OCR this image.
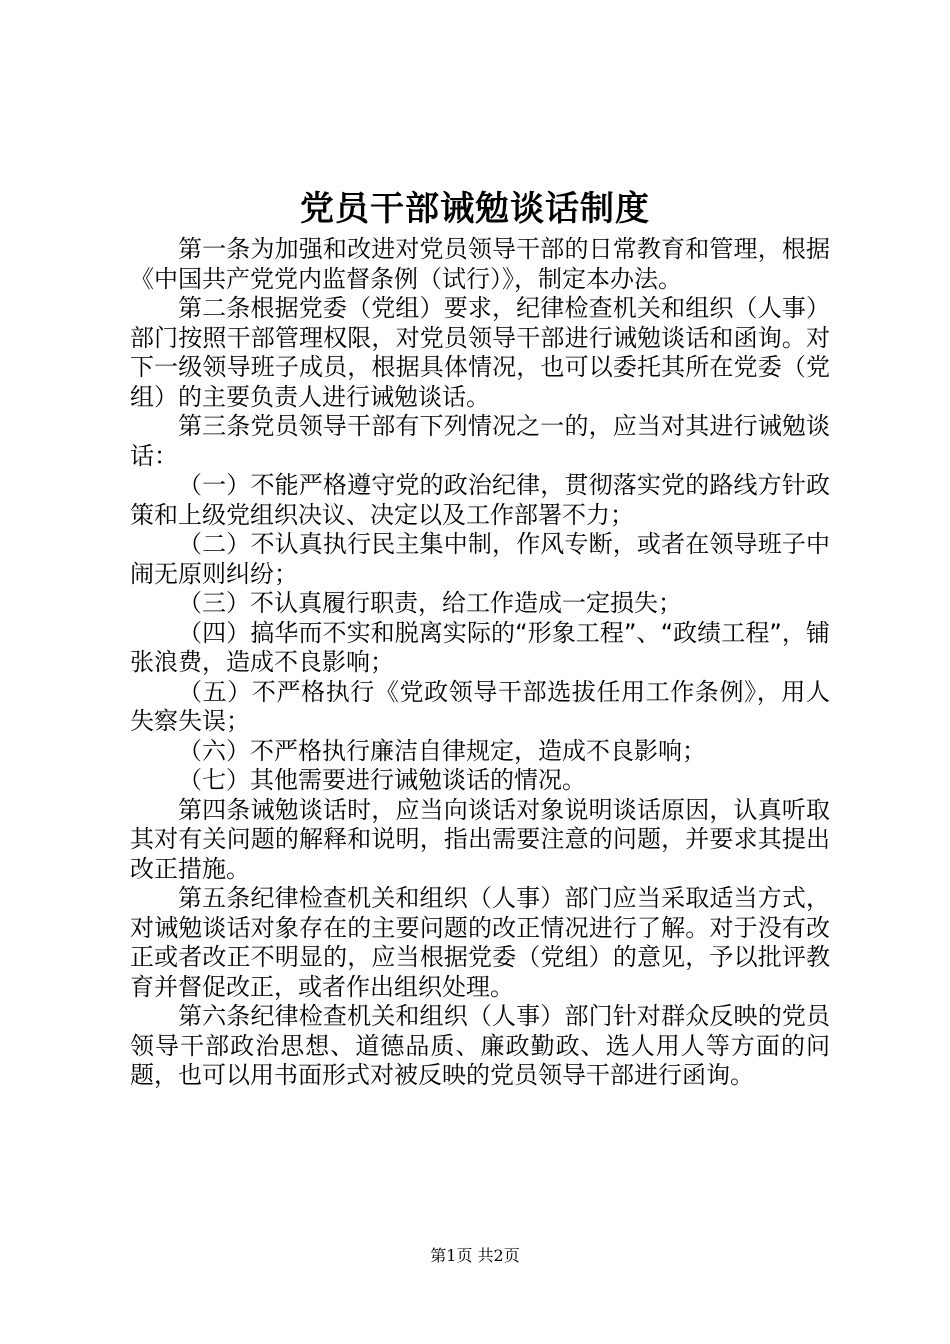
党员干部诫勉谈话制度

第一条为加强和改进对党员领导干部的日常教育和管理，根据《中国共产党党内监督条例（试行）》，制定本办法。

第二条根据党委（党组）要求，纪律检查机关和组织（人事）部门按照干部管理权限，对党员领导干部进行诫勉谈话和函询。对下一级领导班子成员，根据具体情况，也可以委托其所在党委（党组）的主要负责人进行诫勉谈话。

第三条党员领导干部有下列情况之一的，应当对其进行诫勉谈话：

（一）不能严格遵守党的政治纪律，贯彻落实党的路线方针政策和上级党组织决议、决定以及工作部署不力；

（二）不认真执行民主集中制，作风专断，或者在领导班子中闹无原则纠纷；

（三）不认真履行职责，给工作造成一定损失；

（四）搞华而不实和脱离实际的“形象工程”、“政绩工程”，铺张浪费，造成不良影响；

（五）不严格执行《党政领导干部选拔任用工作条例》，用人失察失误；

（六）不严格执行廉洁自律规定，造成不良影响；

（七）其他需要进行诫勉谈话的情况。

第四条诫勉谈话时，应当向谈话对象说明谈话原因，认真听取其对有关问题的解释和说明，指出需要注意的问题，并要求其提出改正措施。

第五条纪律检查机关和组织（人事）部门应当采取适当方式，对诫勉谈话对象存在的主要问题的改正情况进行了解。对于没有改正或者改正不明显的，应当根据党委（党组）的意见，予以批评教育并督促改正，或者作出组织处理。

第六条纪律检查机关和组织（人事）部门针对群众反映的党员领导干部政治思想、道德品质、廉政勤政、选人用人等方面的问题，也可以用书面形式对被反映的党员领导干部进行函询。

第1页 共2页
